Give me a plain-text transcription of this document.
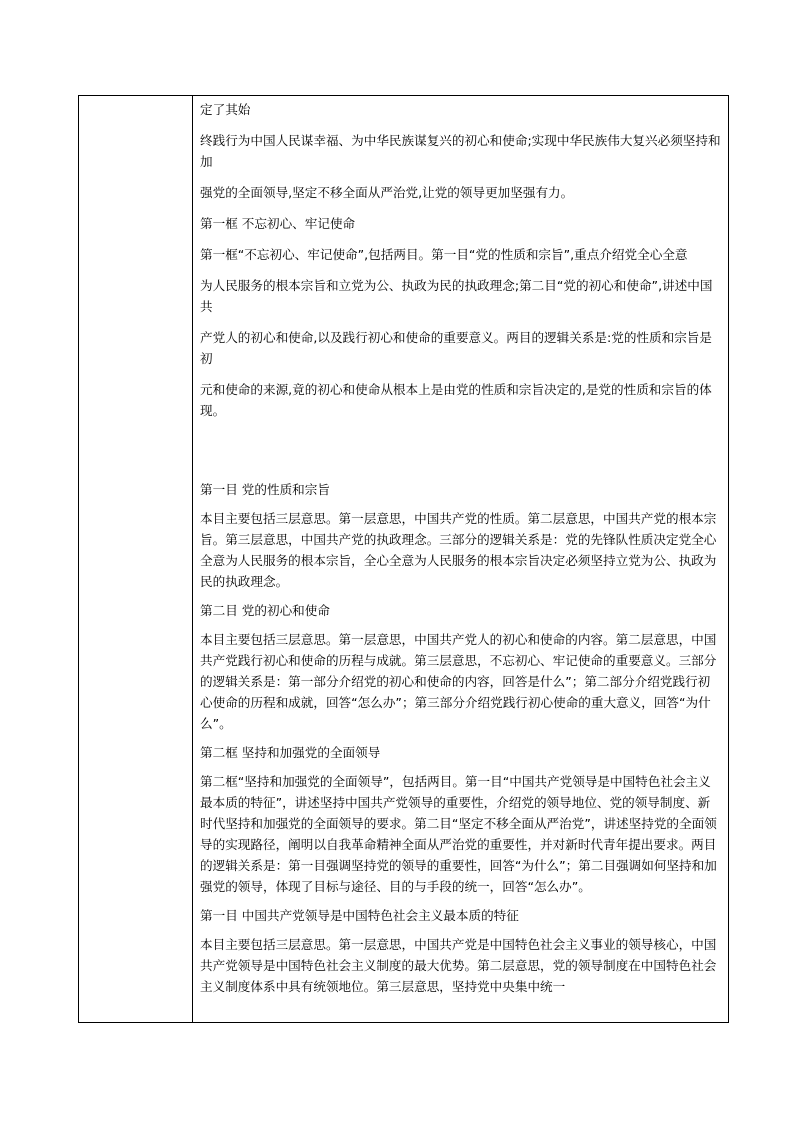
定了其始

终践行为中国人民谋幸福、为中华民族谋复兴的初心和使命;实现中华民族伟大复兴必须坚持和加

强党的全面领导,坚定不移全面从严治党,让党的领导更加坚强有力。

第一框 不忘初心、牢记使命

第一框“不忘初心、牢记使命”,包括两目。第一目“党的性质和宗旨”,重点介绍党全心全意

为人民服务的根本宗旨和立党为公、执政为民的执政理念;第二目“党的初心和使命”,讲述中国共

产党人的初心和使命,以及践行初心和使命的重要意义。两目的逻辑关系是:党的性质和宗旨是初

元和使命的来源,竟的初心和使命从根本上是由党的性质和宗旨决定的,是党的性质和宗旨的体现。

第一目 党的性质和宗旨

本目主要包括三层意思。第一层意思，中国共产党的性质。第二层意思，中国共产党的根本宗旨。第三层意思，中国共产党的执政理念。三部分的逻辑关系是：党的先锋队性质决定党全心全意为人民服务的根本宗旨，全心全意为人民服务的根本宗旨决定必须坚持立党为公、执政为民的执政理念。

第二目 党的初心和使命

本目主要包括三层意思。第一层意思，中国共产党人的初心和使命的内容。第二层意思，中国共产党践行初心和使命的历程与成就。第三层意思，不忘初心、牢记使命的重要意义。三部分的逻辑关系是：第一部分介绍党的初心和使命的内容，回答是什么”；第二部分介绍党践行初心使命的历程和成就，回答“怎么办”；第三部分介绍党践行初心使命的重大意义，回答“为什么”。

第二框 坚持和加强党的全面领导

第二框“坚持和加强党的全面领导”，包括两目。第一目“中国共产党领导是中国特色社会主义最本质的特征”，讲述坚持中国共产党领导的重要性，介绍党的领导地位、党的领导制度、新时代坚持和加强党的全面领导的要求。第二目“坚定不移全面从严治党”，讲述坚持党的全面领导的实现路径，阐明以自我革命精神全面从严治党的重要性，并对新时代青年提出要求。两目的逻辑关系是：第一目强调坚持党的领导的重要性，回答“为什么”；第二目强调如何坚持和加强党的领导，体现了目标与途径、目的与手段的统一，回答“怎么办”。

第一目 中国共产党领导是中国特色社会主义最本质的特征

本目主要包括三层意思。第一层意思，中国共产党是中国特色社会主义事业的领导核心，中国共产党领导是中国特色社会主义制度的最大优势。第二层意思，党的领导制度在中国特色社会主义制度体系中具有统领地位。第三层意思，坚持党中央集中统一
